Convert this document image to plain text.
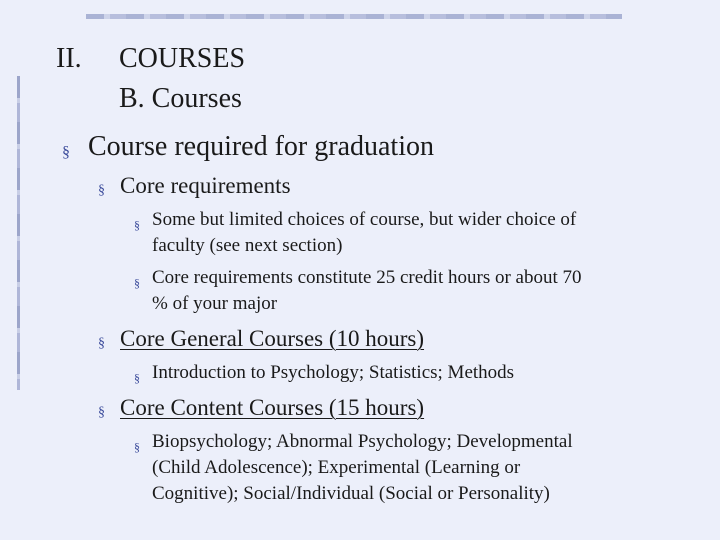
II. COURSES
B. Courses
§ Course required for graduation
§ Core requirements
§ Some but limited choices of course, but wider choice of
faculty (see next section)
§ Core requirements constitute 25 credit hours or about 70
% of your major
§ Core General Courses (10 hours)
§ Introduction to Psychology; Statistics; Methods
§ Core Content Courses (15 hours)
§ Biopsychology; Abnormal Psychology; Developmental
(Child Adolescence); Experimental (Learning or
Cognitive); Social/Individual (Social or Personality)
